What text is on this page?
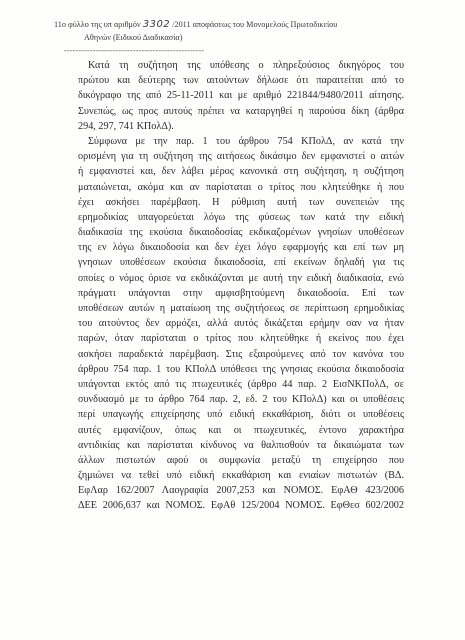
11ο φύλλο της υπ αριθμόν 3302 /2011 αποφάσεως του Μονομελούς Πρωτοδικείου
Αθηνών (Ειδικού Διαδικασία)
-------------------------------------------------
Κατά τη συζήτηση της υπόθεσης ο πληρεξούσιος δικηγόρος του
πρώτου και δεύτερης των αιτούντων δήλωσε ότι παραιτείται από το
δικόγραφο της από 25-11-2011 και με αριθμό 221844/9480/2011 αίτησης.
Συνεπώς, ως προς αυτούς πρέπει να καταργηθεί η παρούσα δίκη (άρθρα
294, 297, 741 ΚΠολΔ).
Σύμφωνα με την παρ. 1 του άρθρου 754 ΚΠολΔ, αν κατά την
ορισμένη για τη συζήτηση της αιτήσεως δικάσιμο δεν εμφανιστεί ο αιτών
ή εμφανιστεί και, δεν λάβει μέρος κανονικά στη συζήτηση, η συζήτηση
ματαιώνεται, ακόμα και αν παρίσταται ο τρίτος που κλητεύθηκε ή που
έχει ασκήσει παρέμβαση. Η ρύθμιση αυτή των συνεπειών της
ερημοδικίας υπαγορεύεται λόγω της φύσεως των κατά την ειδική
διαδικασία της εκούσια δικαιοδοσίας εκδικαζομένων γνησίων υποθέσεων
της εν λόγω δικαιοδοσία και δεν έχει λόγο εφαρμογής και επί των μη
γνησιων υποθέσεων εκούσια δικαιοδοσία, επί εκείνων δηλαδή για τις
οποίες ο νόμος όρισε να εκδικάζονται με αυτή την ειδική διαδικασία, ενώ
πράγματι υπάγονται στην αμφισβητούμενη δικαιοδοσία. Επί των
υποθέσεων αυτών η ματαίωση της συζητήσεως σε περίπτωση ερημοδικίας
του αιτούντος δεν αρμόζει, αλλά αυτός δικάζεται ερήμην σαν να ήταν
παρών, όταν παρίσταται ο τρίτος που κλητεύθηκε ή εκείνος που έχει
ασκήσει παραδεκτά παρέμβαση. Στις εξαιρούμενες από τον κανόνα του
άρθρου 754 παρ. 1 του ΚΠολΔ υπόθεσει της γνησιας εκούσια δικαιοδοσία
υπάγονται εκτός από τις πτωχευτικές (άρθρο 44 παρ. 2 ΕισΝΚΠολΔ, σε
συνδυασμό με το άρθρο 764 παρ. 2, εδ. 2 του ΚΠολΔ) και οι υποθέσεις
περί υπαγωγής επιχείρησης υπό ειδική εκκαθάριση, διότι οι υποθέσεις
αυτές εμφανίζουν, όπως και οι πτωχευτικές, έντονο χαρακτήρα
αντιδικίας και παρίσταται κίνδυνος να θαλπισθούν τα δικαιώματα των
άλλων πιστωτών αφού οι συμφωνία μεταξύ τη επιχείρησο που
ζημιώνει να τεθεί υπό ειδική εκκαθάριση και ενιαίων πιστωτών (ΒΔ.
ΕφΛαρ 162/2007 Λαογραφία 2007,253 και ΝΟΜΟΣ. ΕφΑΘ 423/2006
ΔΕΕ 2006,637 και ΝΟΜΟΣ. ΕφΑθ 125/2004 ΝΟΜΟΣ. ΕφΘεσ 602/2002
